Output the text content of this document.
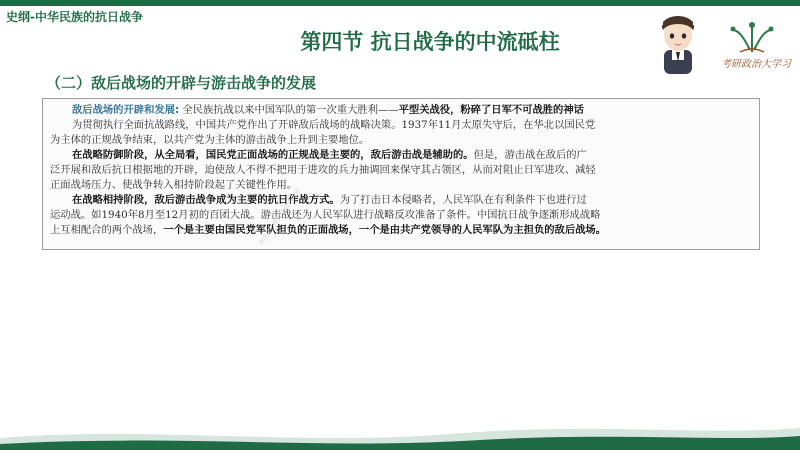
史纲-中华民族的抗日战争
第四节 抗日战争的中流砥柱
考研政治大学习
（二）敌后战场的开辟与游击战争的发展

敌后战场的开辟和发展: 全民族抗战以来中国军队的第一次重大胜利——平型关战役，粉碎了日军不可战胜的神话

为贯彻执行全面抗战路线，中国共产党作出了开辟敌后战场的战略决策。1937年11月太原失守后，在华北以国民党
为主体的正规战争结束，以共产党为主体的游击战争上升到主要地位。

在战略防御阶段，从全局看，国民党正面战场的正规战是主要的，敌后游击战是辅助的。但是，游击战在敌后的广
泛开展和敌后抗日根据地的开辟，迫使敌人不得不把用于进攻的兵力抽调回来保守其占领区，从而对阻止日军进攻、减轻
正面战场压力、使战争转入相持阶段起了关键性作用。

在战略相持阶段，敌后游击战争成为主要的抗日作战方式。为了打击日本侵略者，人民军队在有利条件下也进行过
运动战。如1940年8月至12月初的百团大战。游击战还为人民军队进行战略反攻准备了条件。中国抗日战争逐渐形成战略
上互相配合的两个战场，一个是主要由国民党军队担负的正面战场，一个是由共产党领导的人民军队为主担负的敌后战场。

请注意：搜狐号 政治考研
